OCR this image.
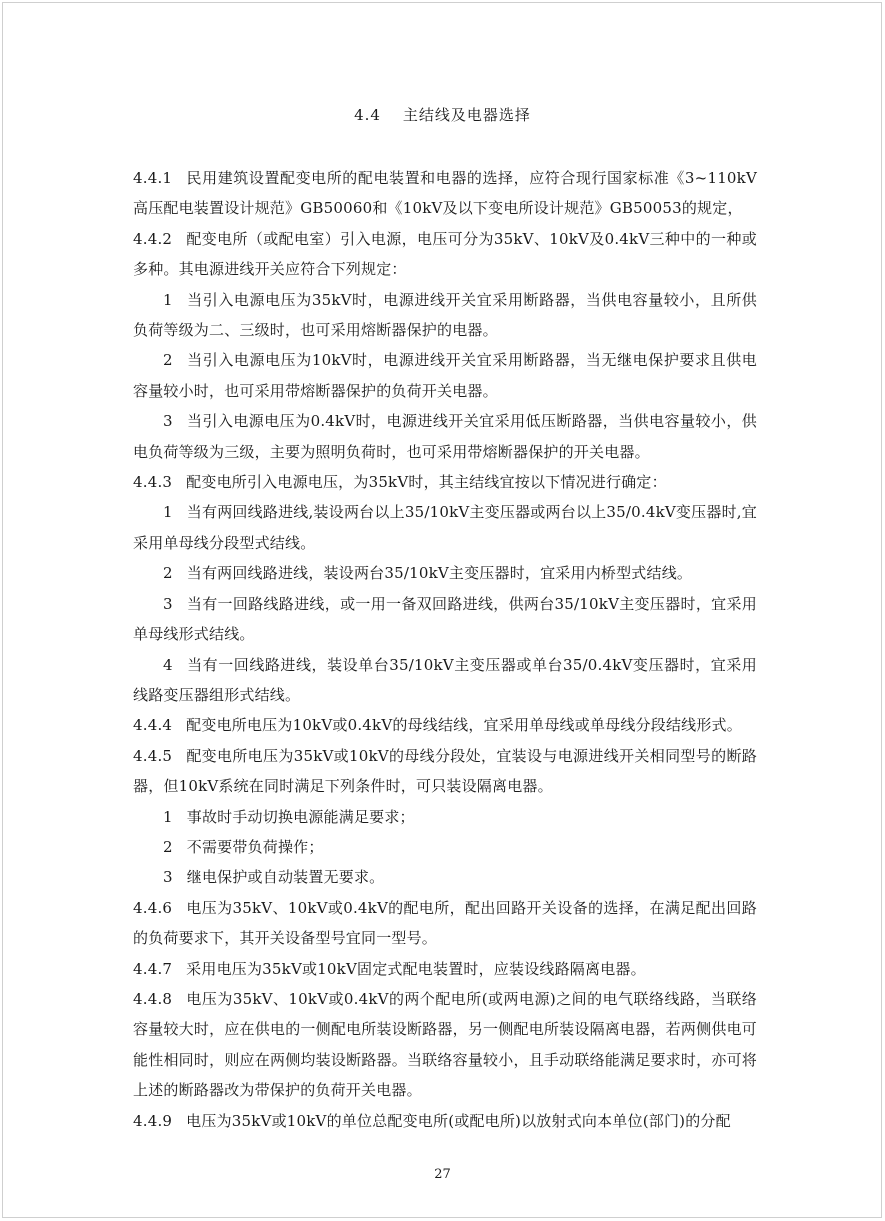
4.4 主结线及电器选择

4.4.1 民用建筑设置配变电所的配电装置和电器的选择，应符合现行国家标准《3~110kV高压配电装置设计规范》GB50060和《10kV及以下变电所设计规范》GB50053的规定，

4.4.2 配变电所（或配电室）引入电源，电压可分为35kV、10kV及0.4kV三种中的一种或多种。其电源进线开关应符合下列规定：

1 当引入电源电压为35kV时，电源进线开关宜采用断路器，当供电容量较小，且所供负荷等级为二、三级时，也可采用熔断器保护的电器。

2 当引入电源电压为10kV时，电源进线开关宜采用断路器，当无继电保护要求且供电容量较小时，也可采用带熔断器保护的负荷开关电器。

3 当引入电源电压为0.4kV时，电源进线开关宜采用低压断路器，当供电容量较小，供电负荷等级为三级，主要为照明负荷时，也可采用带熔断器保护的开关电器。

4.4.3 配变电所引入电源电压，为35kV时，其主结线宜按以下情况进行确定：

1 当有两回线路进线,装设两台以上35/10kV主变压器或两台以上35/0.4kV变压器时,宜采用单母线分段型式结线。

2 当有两回线路进线，装设两台35/10kV主变压器时，宜采用内桥型式结线。

3 当有一回路线路进线，或一用一备双回路进线，供两台35/10kV主变压器时，宜采用单母线形式结线。

4 当有一回线路进线，装设单台35/10kV主变压器或单台35/0.4kV变压器时，宜采用线路变压器组形式结线。

4.4.4 配变电所电压为10kV或0.4kV的母线结线，宜采用单母线或单母线分段结线形式。

4.4.5 配变电所电压为35kV或10kV的母线分段处，宜装设与电源进线开关相同型号的断路器，但10kV系统在同时满足下列条件时，可只装设隔离电器。

1 事故时手动切换电源能满足要求；

2 不需要带负荷操作；

3 继电保护或自动装置无要求。

4.4.6 电压为35kV、10kV或0.4kV的配电所，配出回路开关设备的选择，在满足配出回路的负荷要求下，其开关设备型号宜同一型号。

4.4.7 采用电压为35kV或10kV固定式配电装置时，应装设线路隔离电器。

4.4.8 电压为35kV、10kV或0.4kV的两个配电所(或两电源)之间的电气联络线路，当联络容量较大时，应在供电的一侧配电所装设断路器，另一侧配电所装设隔离电器，若两侧供电可能性相同时，则应在两侧均装设断路器。当联络容量较小，且手动联络能满足要求时，亦可将上述的断路器改为带保护的负荷开关电器。

4.4.9 电压为35kV或10kV的单位总配变电所(或配电所)以放射式向本单位(部门)的分配

27
